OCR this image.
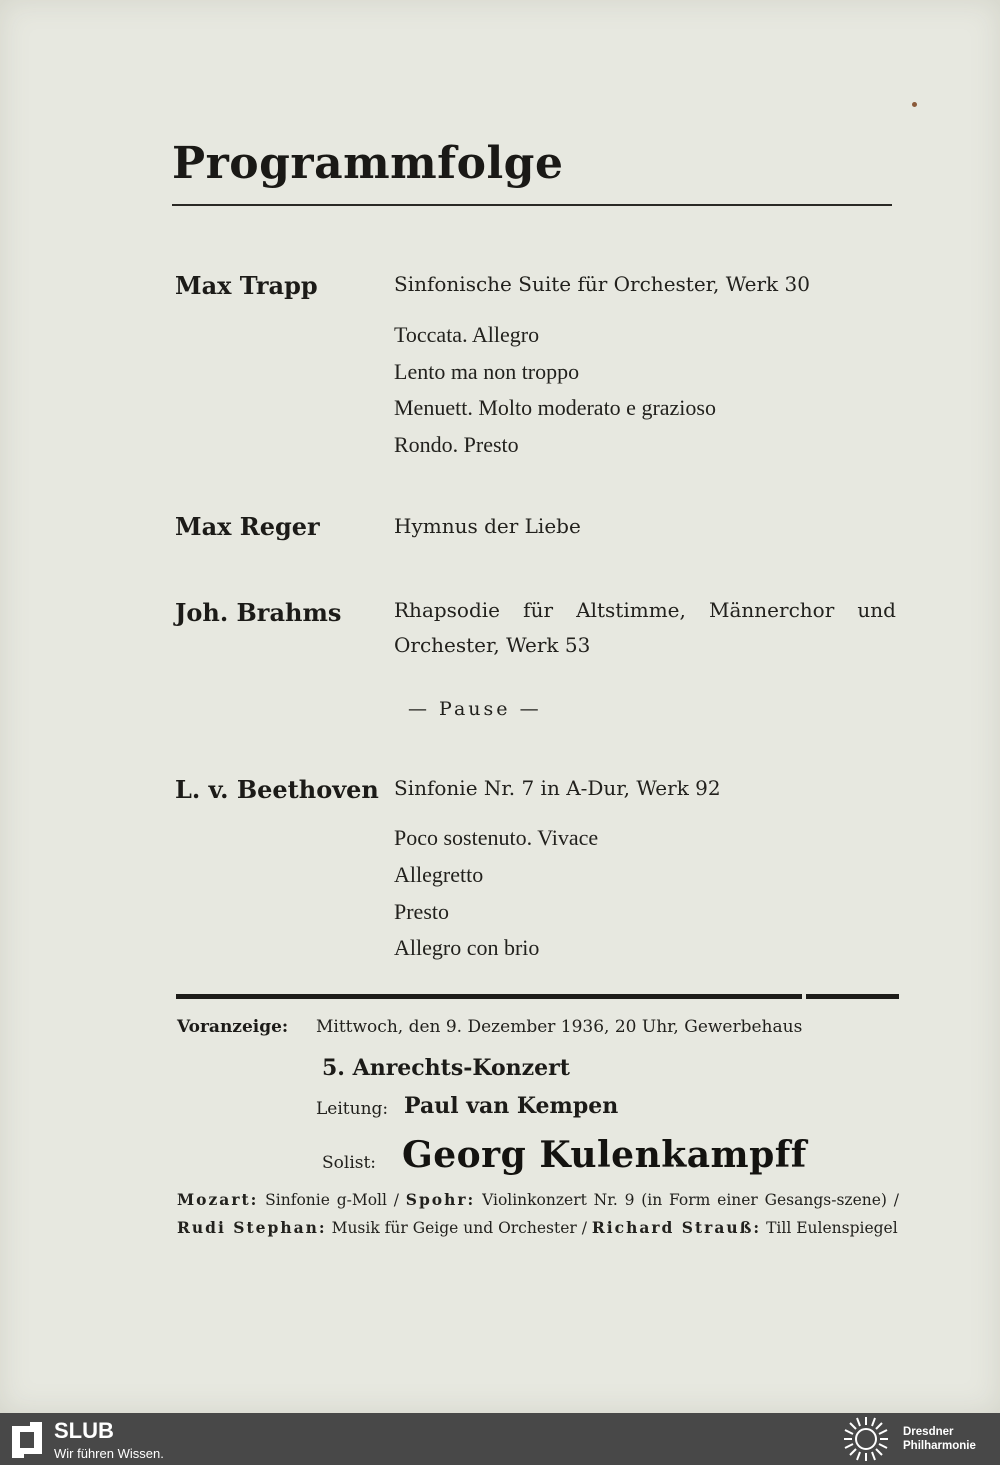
Programmfolge
Max Trapp	Sinfonische Suite für Orchester, Werk 30
Toccata. Allegro
Lento ma non troppo
Menuett. Molto moderato e grazioso
Rondo. Presto
Max Reger	Hymnus der Liebe
Joh. Brahms	Rhapsodie für Altstimme, Männerchor und Orchester, Werk 53
— Pause —
L. v. Beethoven Sinfonie Nr. 7 in A-Dur, Werk 92
Poco sostenuto. Vivace
Allegretto
Presto
Allegro con brio
Voranzeige: Mittwoch, den 9. Dezember 1936, 20 Uhr, Gewerbehaus
5. Anrechts-Konzert
Leitung: Paul van Kempen
Solist: Georg Kulenkampff
Mozart: Sinfonie g-Moll / Spohr: Violinkonzert Nr. 9 (in Form einer Gesangs-szene) / Rudi Stephan: Musik für Geige und Orchester / Richard Strauß: Till Eulenspiegel
SLUB
Wir führen Wissen.
Dresdner
Philharmonie
